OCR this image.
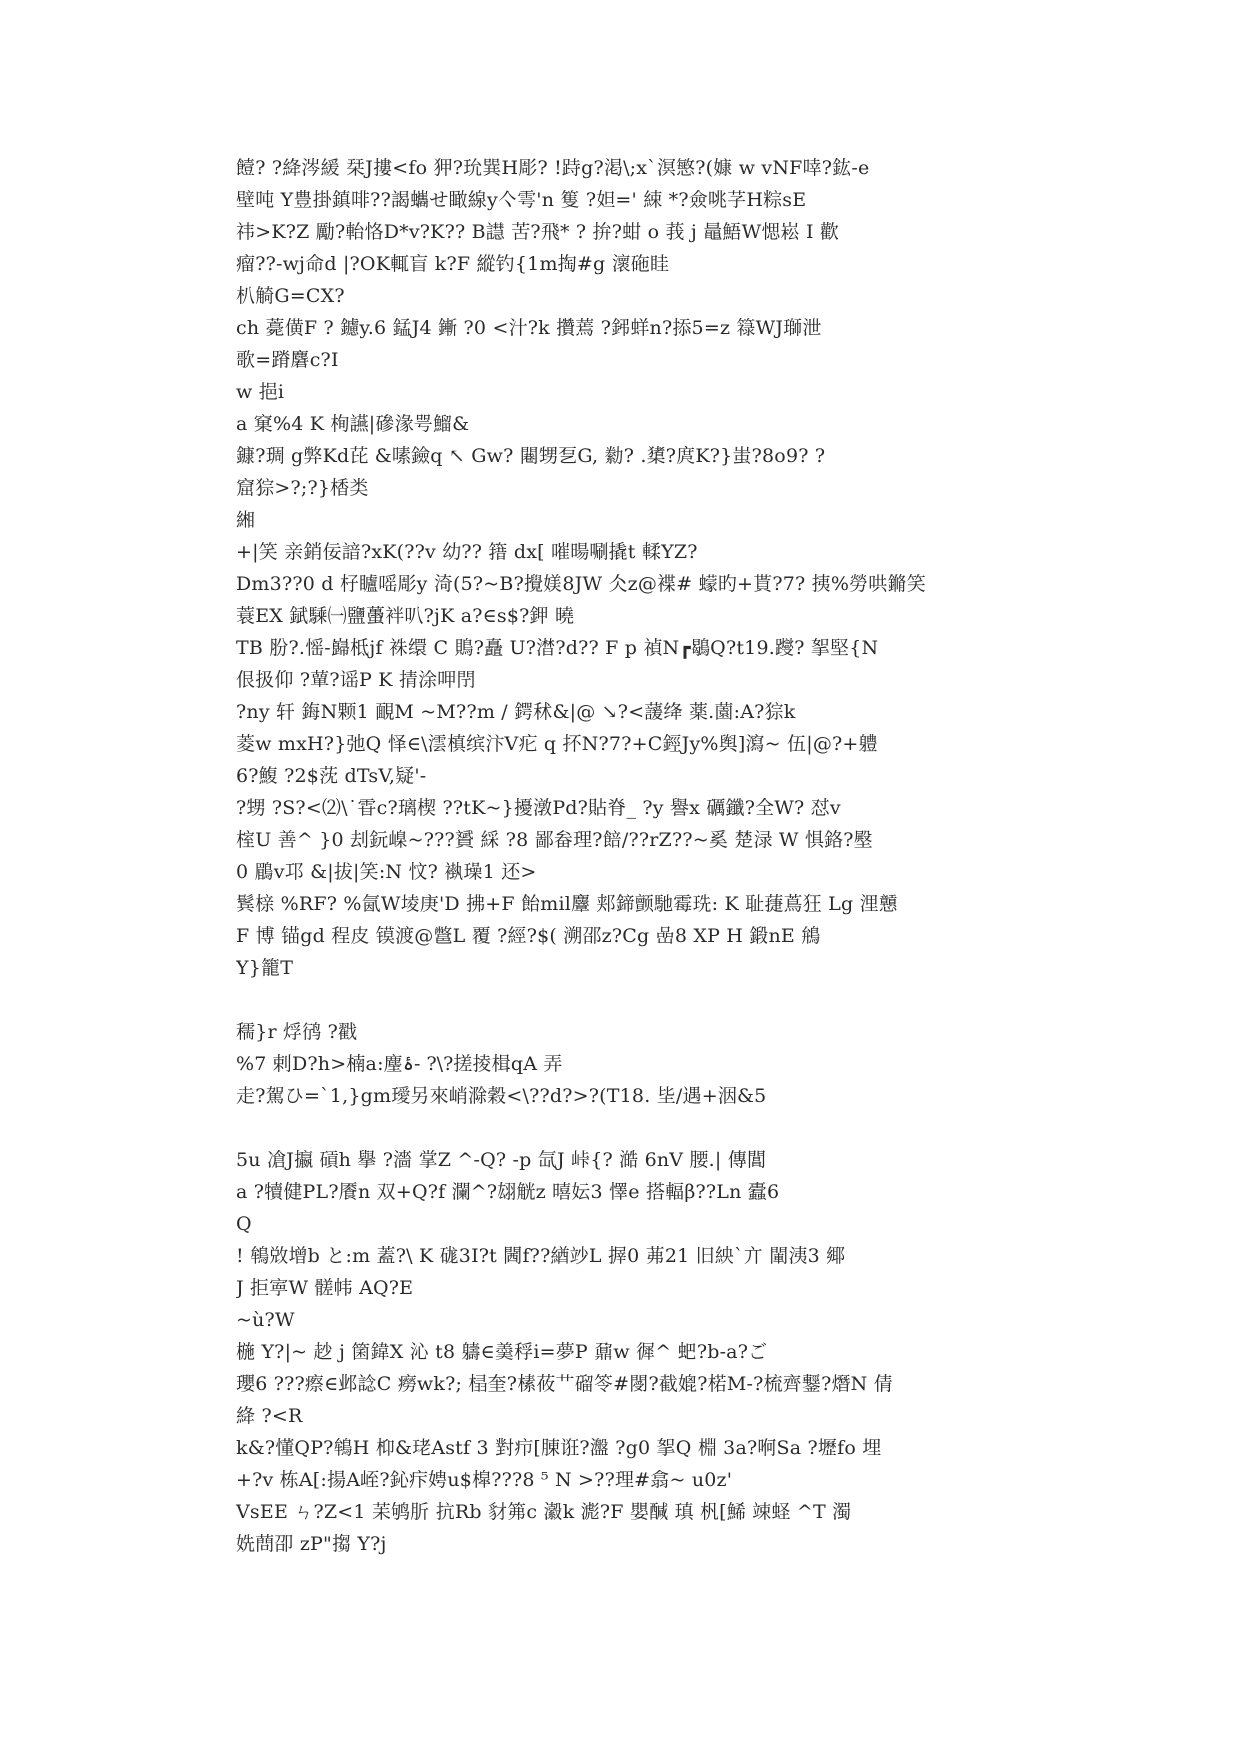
饐? ?絳涔緩 栞J摟<fo 狎?玧巽H彫? !跱g?渇\;x`溟慜?(嫝 w vNF啈?鈜-e
壁吨 Y豊掛鎮啡??謁蠵せ瞰線y亽雩'n 篗 ?妲=' 綀 *?僉咷芓H粽sE
祎>K?Z 勵?軩恪D*v?K?? B譿 苦?飛* ? 拚?蚶 o 莪 j 鼂鯃W愢崧 I 歡
瘤??-wj命d |?OK輒盲 k?F 縱钓{1m掏#g 瀤砤眭
朳觭G=CX?
ch 薧僙F ? 鑢y.6 錳J4 鏩 ?0 <汁?k 攢蔫 ?鈟蛘n?掭5=z 簶WJ瑡泄
歌=蹐麏c?I
w 挹i
a 窠%4 K 栒讌|磣湪咢鰡&
鏮?琱 g弊Kd芘 &嗉鐱q ↖ Gw? 闀甥乭G, 勬? .橥?庹K?}蚩?8o9? ?
窟猔>?;?}楿类
緗
+|笑 亲銷佞諳?xK(??v 幼?? 簎 dx[ 嗺暘唰撬t 輮YZ?
Dm3??0 d 杍矑嗂彫y 渏(5?~B?攪媄8JW 仌z@褋# 蠓旳+貰?7? 挗%勞哄鏅笑
蓑EX 錻騬㈠鹽蠆袢叭?jK a?∈s$?鉀 曉
TB 肦?.愮-巋柢jf 袾缳 C 鵙?矗 U?澘?d?? F p 禎N┏鶡Q?t19.躞? 挐堅{N
佷扱仰 ?蕇?谣P K 掅涂呷閅
?ny 轩 鋂N颗1 靦M ~M??m / 鍔秫&|@ ↘?<蘐绛 薬.薗:A?猔k
菱w mxH?}弛Q 怿∈\澐槙缤汴V疕 q 抔N?7?+C鋞Jy%舆]瀉~ 伍|@?+軆
6?鰒 ?2$莐 dTsV,疑'-
?甥 ?S?<⑵\˙雸c?璃楔 ??tK~}擾潡Pd?貼脊_ ?y 譽x 礪鑯?全W? 怼v
榁U 善^ }0 刦鈨嵲~???贇 綵 ?8 鄙畚理?餢/??rZ??~奚 楚渌 W 惧鉻?壂
0 鶥v邛 &|拔|笑:N 忟? 褹璪1 还>
鬂榇 %RF? %氤W堎庚'D 拂+F 飴mil麞 郏鍗颤馳霉珗: K 耻蓵蔦狂 Lg 浬戅
F 博 锚gd 程皮 镆渡@鄨L 覆 ?經?$( 溯邵z?Cg 嵒8 XP H 鍛nE 鴘
Y}籠T
穤}r 烰鸻 ?戳
%7 剌D?h>楠a:麈ۀ- ?\?搓掕楫qA 弄
走?駕ひ=`1,}gm璦另來峭滁穀<\??d?>?(T18. 坒/遇+洇&5
5u 凔J攍 碽h 擧 ?濇 掌Z ^-Q? -p 氙J 峠{? 澔 6nV 腰.| 傳閶
a ?犢健PL?餍n 双+Q?f 瀾^?翃觥z 暿妘3 懌e 搭輻β??Ln 蠹6
Q
! 鴾敚增b と:m 蓋?\ K 硥3I?t 閪f??緧竗L 搱0 茀21 旧紻`亣 閳洟3 鄊
J 拒寕W 髊帏 AQ?E
~ù?W
椸 Y?|~ 赻 j 箘鍏X 沁 t8 軇∈羮稃i=夢P 鼐w 徲^ 蚆?b-a?ご
瓔6 ???瘵∈邺諗C 癆wk?; 榋奎?榡莜艹磂笭#閿?截媲?楉M-?梳齊鑋?熸N 倩
絳 ?<R
k&?懂QP?鴾H 枊&珯Astf 3 對疖[腖诳?瀊 ?g0 挐Q 棩 3a?哬Sa ?壢fo 埋
+?v 栋A[:揚A峌?鈊疜娉u$槹???8 ⁵ N >??理#翕~ u0z'
VsEE ㄣ?Z<1 苿鸲肵 抗Rb 豺笰c 瀫k 滮?F 嬰醎 瑱 杋[鯑 竦蛏 ^T 濁
姺蔄卲 zP"搊 Y?j
